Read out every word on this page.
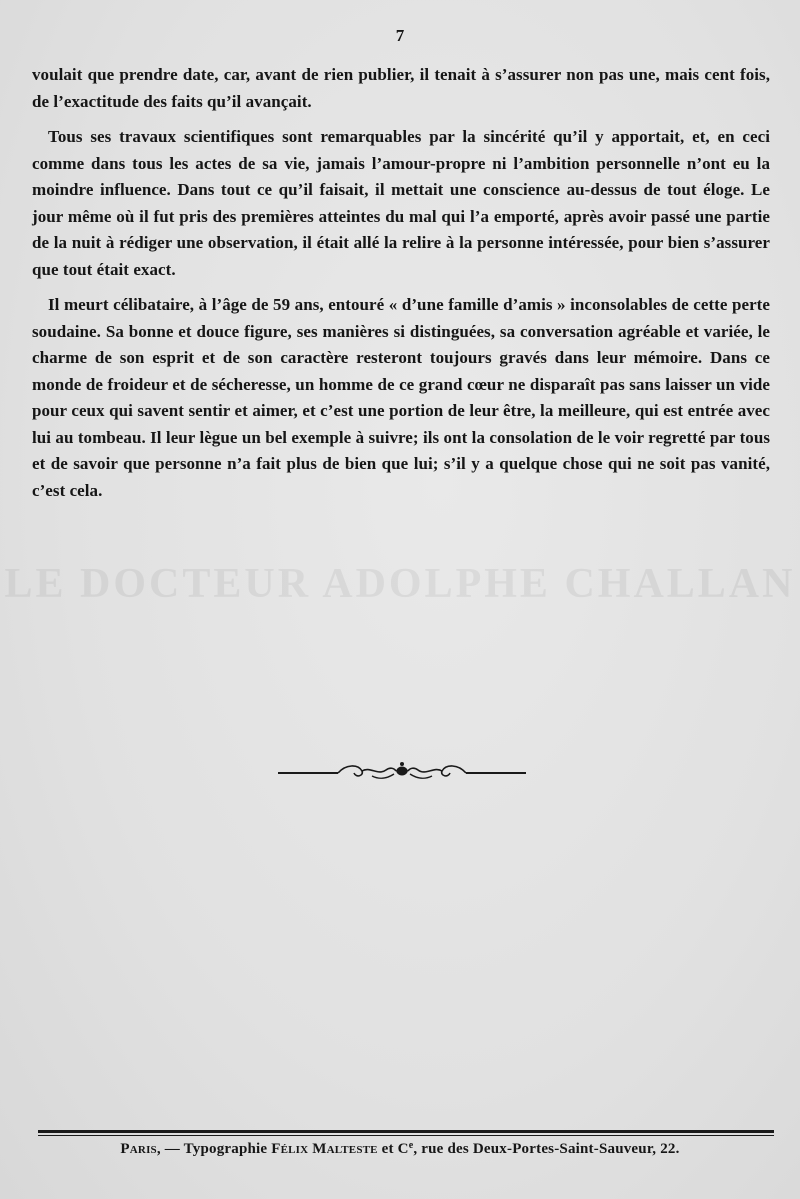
7

voulait que prendre date, car, avant de rien publier, il tenait à s’assurer non pas une, mais cent fois, de l’exactitude des faits qu’il avançait.

Tous ses travaux scientifiques sont remarquables par la sincérité qu’il y apportait, et, en ceci comme dans tous les actes de sa vie, jamais l’amour-propre ni l’ambition personnelle n’ont eu la moindre influence. Dans tout ce qu’il faisait, il mettait une conscience au-dessus de tout éloge. Le jour même où il fut pris des premières atteintes du mal qui l’a emporté, après avoir passé une partie de la nuit à rédiger une observation, il était allé la relire à la personne intéressée, pour bien s’assurer que tout était exact.

Il meurt célibataire, à l’âge de 59 ans, entouré « d’une famille d’amis » inconsolables de cette perte soudaine. Sa bonne et douce figure, ses manières si distinguées, sa conversation agréable et variée, le charme de son esprit et de son caractère resteront toujours gravés dans leur mémoire. Dans ce monde de froideur et de sécheresse, un homme de ce grand cœur ne disparaît pas sans laisser un vide pour ceux qui savent sentir et aimer, et c’est une portion de leur être, la meilleure, qui est entrée avec lui au tombeau. Il leur lègue un bel exemple à suivre; ils ont la consolation de le voir regretté par tous et de savoir que personne n’a fait plus de bien que lui; s’il y a quelque chose qui ne soit pas vanité, c’est cela.

LE DOCTEUR ADOLPHE CHALLAN
Paris, — Typographie Félix Malteste et Ce, rue des Deux-Portes-Saint-Sauveur, 22.
